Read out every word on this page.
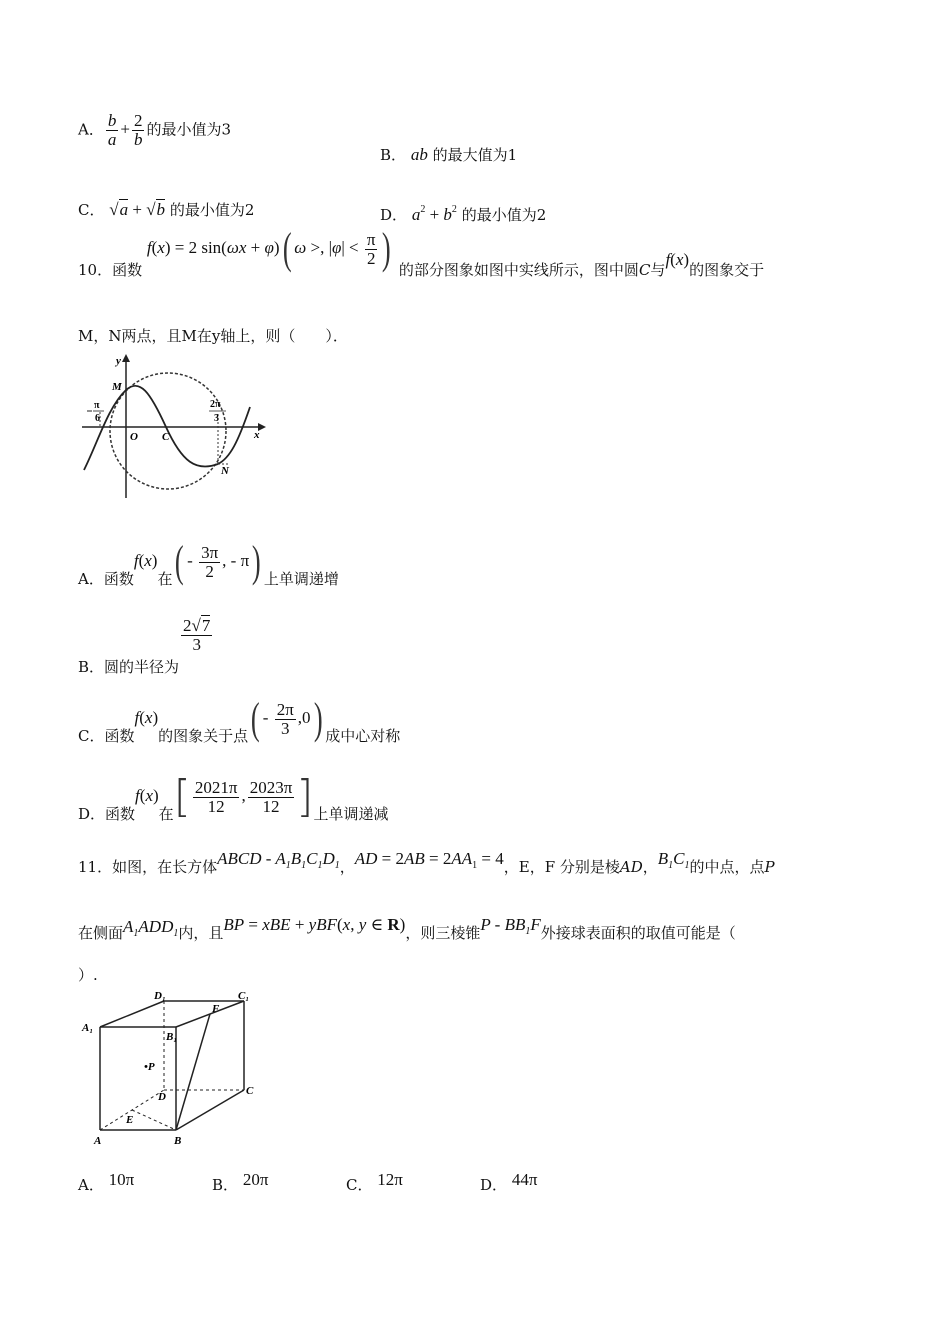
A． $\frac{b}{a} + \frac{2}{b}$ 的最小值为3
B． ab 的最大值为1
C． √a + √b 的最小值为2	D． $a^2 + b^2$ 的最小值为2
10．函数 f(x) = 2 sin(ωx + φ)( ω >, $|\varphi| < \frac{\pi}{2}$ ) 的部分图象如图中实线所示，图中圆C与f(x)的图象交于
M，N两点，且M在y轴上，则（　　）．
y
M
π
6
O C
2π
3
x
N
A．函数f(x)在( - $\frac{3\pi}{2}$ , - π) 上单调递增
B．圆的半径为
$\frac{2√7}{3}$
C．函数f(x)的图象关于点( - $\frac{2\pi}{3} ,0$) 成中心对称
D．函数f(x)在[ $\frac{2021\pi}{12}$ , $\frac{2023\pi}{12}$ ]上单调递减
11．如图，在长方体ABCD - $A_1B_1C_1D_1$，AD = $2AB = 2AA_1 = 4$，E，F 分别是棱AD，$B_1C_1$的中点，点P
在侧面$A_1ADD_1$内，且BP = xBE + yBF(x, y ∈ R)，则三棱锥P - $BB_1F$外接球表面积的取值可能是（
）.
D₁	C₁
A₁
B₁
F
•P
D	C
E
A	B
A． 10π	B． 20π	C． 12π	D． 44π
